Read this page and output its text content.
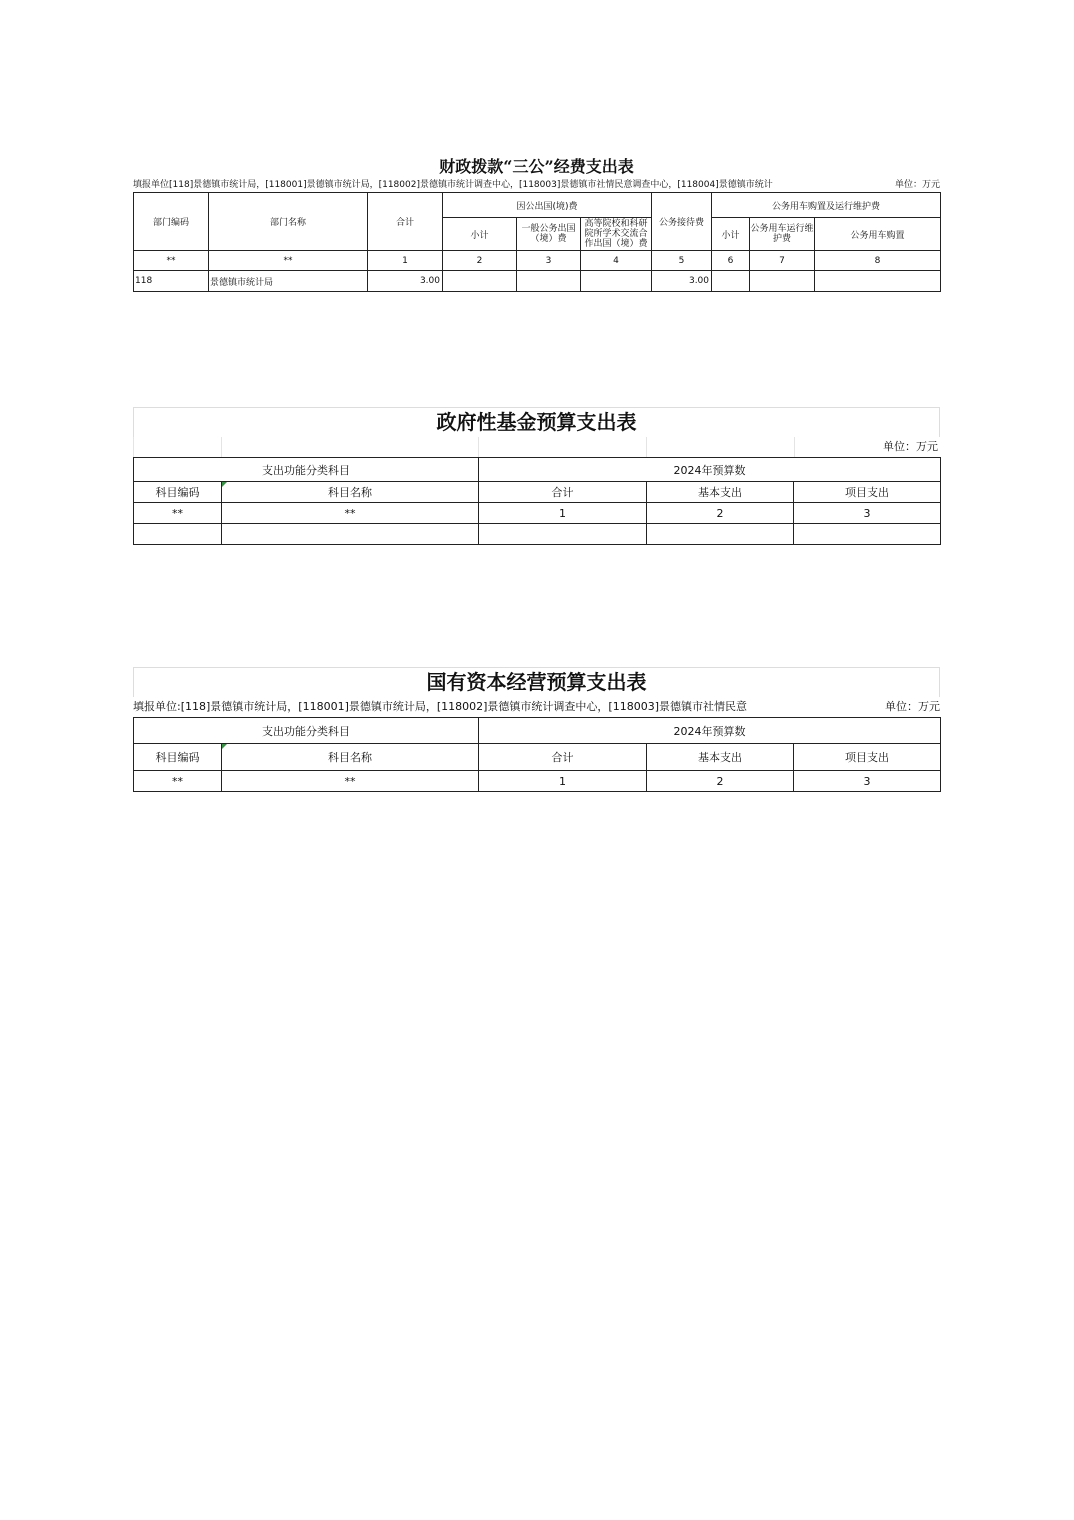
财政拨款“三公”经费支出表
填报单位[118]景德镇市统计局，[118001]景德镇市统计局，[118002]景德镇市统计调查中心，[118003]景德镇市社情民意调查中心，[118004]景德镇市统计	单位：万元
部门编码	部门名称	合计	因公出国(境)费			公务接待费	公务用车购置及运行维护费		
			小计	一般公务出国（境）费	高等院校和科研院所学术交流合作出国（境）费		小计	公务用车运行维护费	公务用车购置
**	**	1	2	3	4	5	6	7	8
118	景德镇市统计局	3.00				3.00			
政府性基金预算支出表
单位：万元
支出功能分类科目		2024年预算数		
科目编码	科目名称	合计	基本支出	项目支出
**	**	1	2	3

国有资本经营预算支出表
填报单位:[118]景德镇市统计局，[118001]景德镇市统计局，[118002]景德镇市统计调查中心，[118003]景德镇市社情民意	单位：万元
支出功能分类科目		2024年预算数		
科目编码	科目名称	合计	基本支出	项目支出
**	**	1	2	3
